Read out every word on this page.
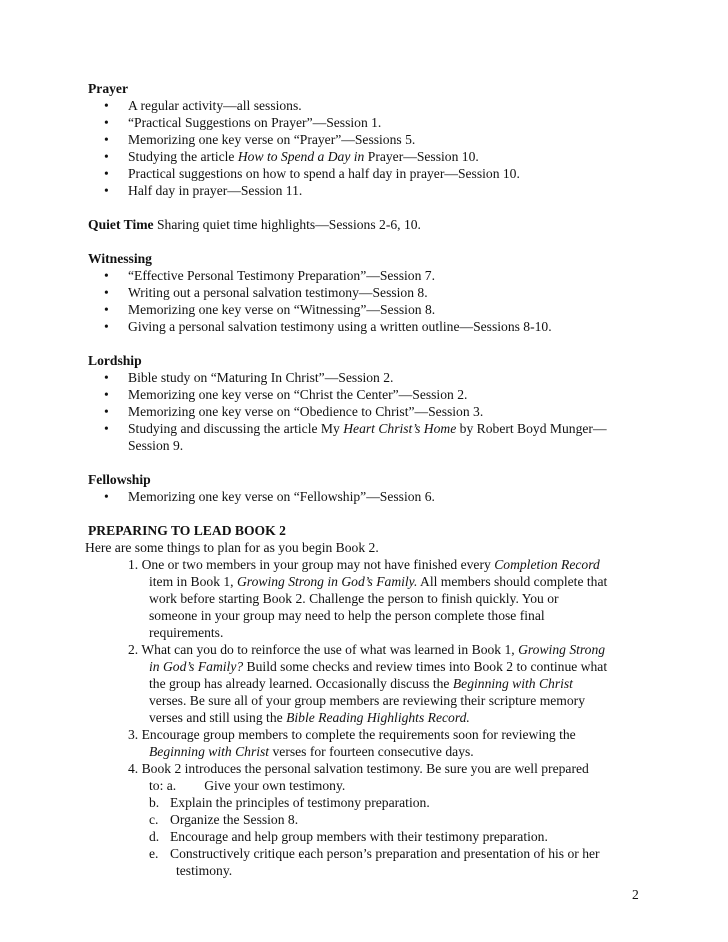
Prayer
• A regular activity—all sessions.
• “Practical Suggestions on Prayer”—Session 1.
• Memorizing one key verse on “Prayer”—Sessions 5.
• Studying the article How to Spend a Day in Prayer—Session 10.
• Practical suggestions on how to spend a half day in prayer—Session 10.
• Half day in prayer—Session 11.
Quiet Time Sharing quiet time highlights—Sessions 2-6, 10.
Witnessing
• “Effective Personal Testimony Preparation”—Session 7.
• Writing out a personal salvation testimony—Session 8.
• Memorizing one key verse on “Witnessing”—Session 8.
• Giving a personal salvation testimony using a written outline—Sessions 8-10.
Lordship
• Bible study on “Maturing In Christ”—Session 2.
• Memorizing one key verse on “Christ the Center”—Session 2.
• Memorizing one key verse on “Obedience to Christ”—Session 3.
• Studying and discussing the article My Heart Christ’s Home by Robert Boyd Munger—
Session 9.
Fellowship
• Memorizing one key verse on “Fellowship”—Session 6.
PREPARING TO LEAD BOOK 2
Here are some things to plan for as you begin Book 2.
1. One or two members in your group may not have finished every Completion Record
item in Book 1, Growing Strong in God’s Family. All members should complete that
work before starting Book 2. Challenge the person to finish quickly. You or
someone in your group may need to help the person complete those final
requirements.
2. What can you do to reinforce the use of what was learned in Book 1, Growing Strong
in God’s Family? Build some checks and review times into Book 2 to continue what
the group has already learned. Occasionally discuss the Beginning with Christ
verses. Be sure all of your group members are reviewing their scripture memory
verses and still using the Bible Reading Highlights Record.
3. Encourage group members to complete the requirements soon for reviewing the
Beginning with Christ verses for fourteen consecutive days.
4. Book 2 introduces the personal salvation testimony. Be sure you are well prepared
to: a. Give your own testimony.
b. Explain the principles of testimony preparation.
c. Organize the Session 8.
d. Encourage and help group members with their testimony preparation.
e. Constructively critique each person’s preparation and presentation of his or her
testimony.
2
